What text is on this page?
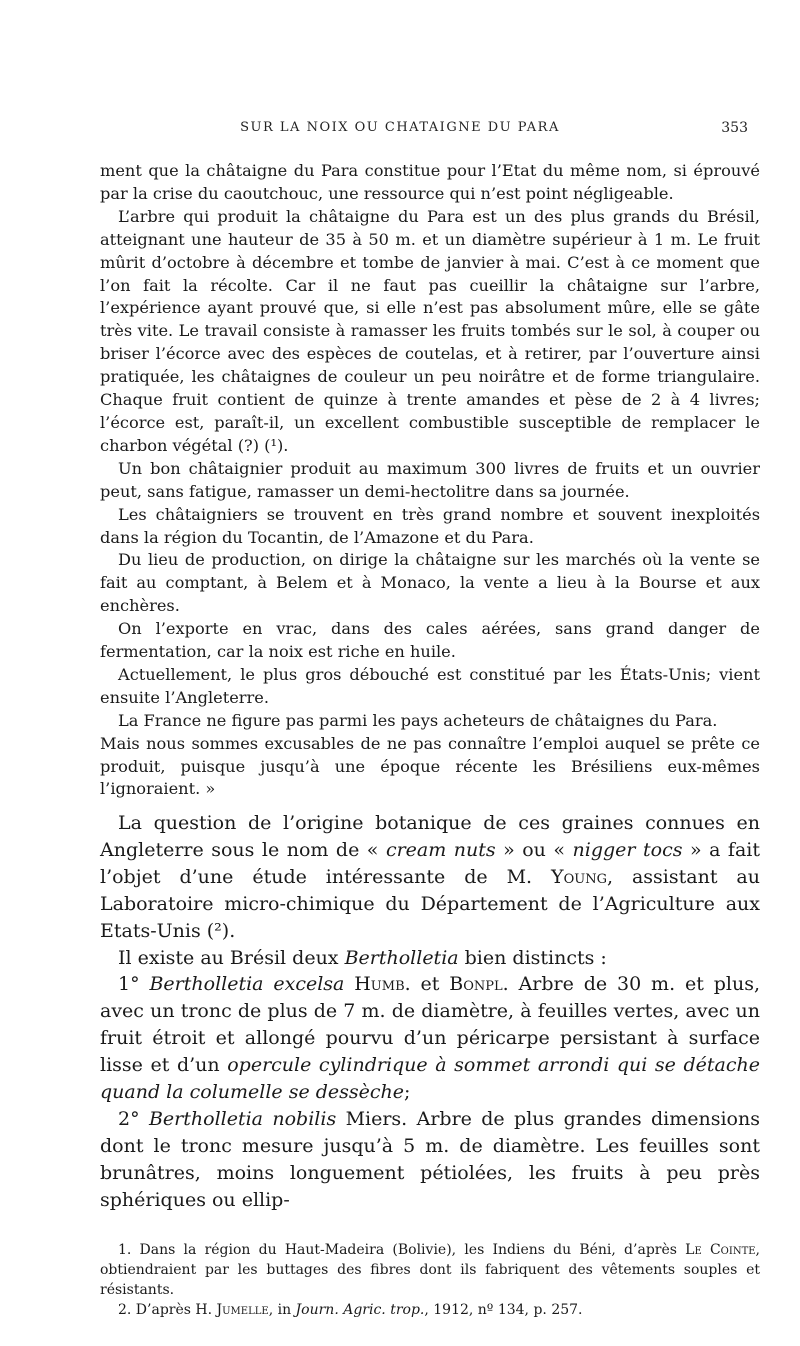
SUR LA NOIX OU CHATAIGNE DU PARA	353

ment que la châtaigne du Para constitue pour l’Etat du même nom, si éprouvé par la crise du caoutchouc, une ressource qui n’est point négligeable.

L’arbre qui produit la châtaigne du Para est un des plus grands du Brésil, atteignant une hauteur de 35 à 50 m. et un diamètre supérieur à 1 m. Le fruit mûrit d’octobre à décembre et tombe de janvier à mai. C’est à ce moment que l’on fait la récolte. Car il ne faut pas cueillir la châtaigne sur l’arbre, l’expérience ayant prouvé que, si elle n’est pas absolument mûre, elle se gâte très vite. Le travail consiste à ramasser les fruits tombés sur le sol, à couper ou briser l’écorce avec des espèces de coutelas, et à retirer, par l’ouverture ainsi pratiquée, les châtaignes de couleur un peu noirâtre et de forme triangulaire. Chaque fruit contient de quinze à trente amandes et pèse de 2 à 4 livres; l’écorce est, paraît-il, un excellent combustible susceptible de remplacer le charbon végétal (?) (¹).

Un bon châtaignier produit au maximum 300 livres de fruits et un ouvrier peut, sans fatigue, ramasser un demi-hectolitre dans sa journée.

Les châtaigniers se trouvent en très grand nombre et souvent inexploités dans la région du Tocantin, de l’Amazone et du Para.

Du lieu de production, on dirige la châtaigne sur les marchés où la vente se fait au comptant, à Belem et à Monaco, la vente a lieu à la Bourse et aux enchères.

On l’exporte en vrac, dans des cales aérées, sans grand danger de fermentation, car la noix est riche en huile.

Actuellement, le plus gros débouché est constitué par les États-Unis; vient ensuite l’Angleterre.

La France ne figure pas parmi les pays acheteurs de châtaignes du Para.

Mais nous sommes excusables de ne pas connaître l’emploi auquel se prête ce produit, puisque jusqu’à une époque récente les Brésiliens eux-mêmes l’ignoraient. »

La question de l’origine botanique de ces graines connues en Angleterre sous le nom de « cream nuts » ou « nigger tocs » a fait l’objet d’une étude intéressante de M. Young, assistant au Laboratoire micro-chimique du Département de l’Agriculture aux Etats-Unis (²).

Il existe au Brésil deux Bertholletia bien distincts :

1° Bertholletia excelsa Humb. et Bonpl. Arbre de 30 m. et plus, avec un tronc de plus de 7 m. de diamètre, à feuilles vertes, avec un fruit étroit et allongé pourvu d’un péricarpe persistant à surface lisse et d’un opercule cylindrique à sommet arrondi qui se détache quand la columelle se dessèche;

2° Bertholletia nobilis Miers. Arbre de plus grandes dimensions dont le tronc mesure jusqu’à 5 m. de diamètre. Les feuilles sont brunâtres, moins longuement pétiolées, les fruits à peu près sphériques ou ellip-

1. Dans la région du Haut-Madeira (Bolivie), les Indiens du Béni, d’après Le Cointe, obtiendraient par les buttages des fibres dont ils fabriquent des vêtements souples et résistants.

2. D’après H. Jumelle, in Journ. Agric. trop., 1912, nº 134, p. 257.
